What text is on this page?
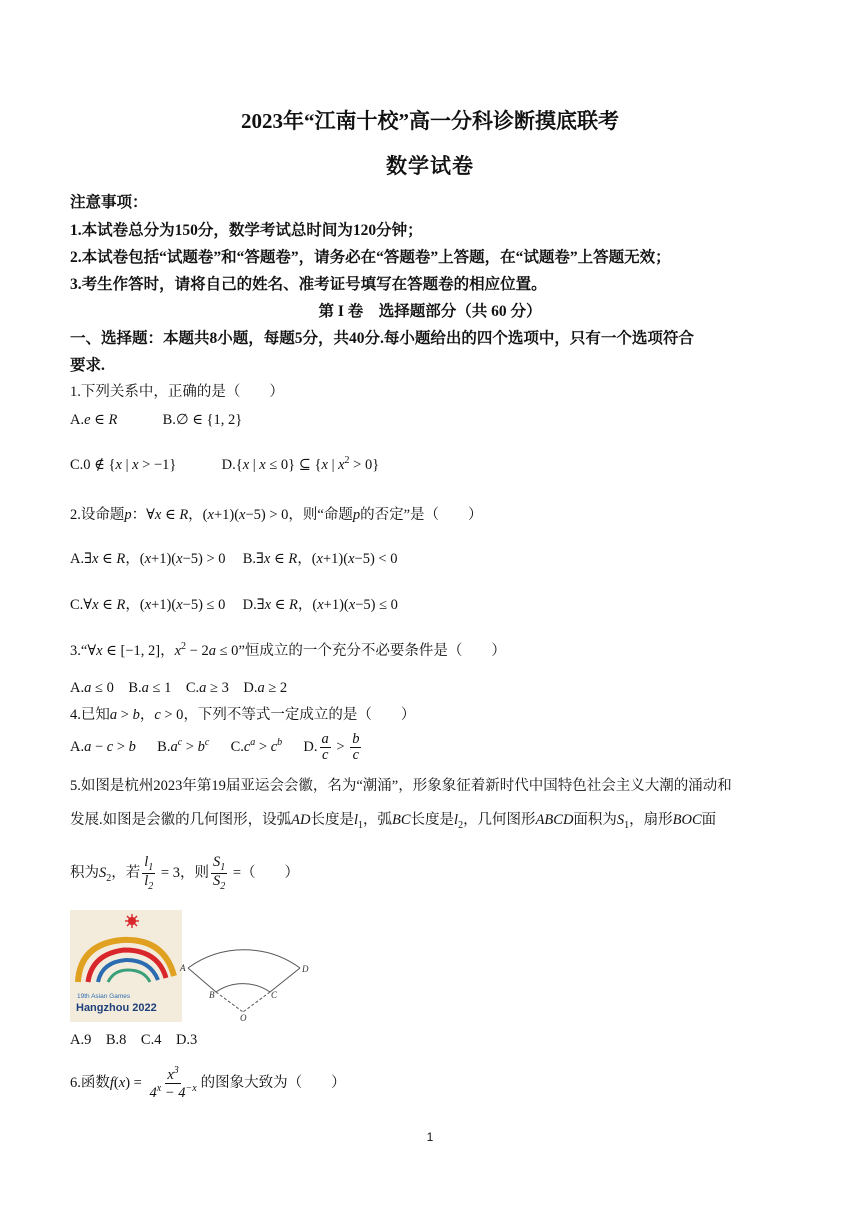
2023年“江南十校”高一分科诊断摸底联考
数学试卷
注意事项：
1.本试卷总分为150分，数学考试总时间为120分钟；
2.本试卷包括“试题卷”和“答题卷”，请务必在“答题卷”上答题，在“试题卷”上答题无效；
3.考生作答时，请将自己的姓名、准考证号填写在答题卷的相应位置。
第 I 卷　选择题部分（共 60 分）
一、选择题：本题共8小题，每题5分，共40分.每小题给出的四个选项中，只有一个选项符合
要求.
1.下列关系中，正确的是（　　）
A.e ∈ R	B.∅ ∈ {1, 2}
C.0 ∉ {x | x > −1}	D.{x | x ≤ 0} ⊆ {x | $x^2 > 0$}
2.设命题p：∀x ∈ R，(x+1)(x−5) > 0，则“命题p的否定”是（　　）
A.∃x ∈ R，(x+1)(x−5) > 0  B.∃x ∈ R，(x+1)(x−5) < 0
C.∀x ∈ R，(x+1)(x−5) ≤ 0  D.∃x ∈ R，(x+1)(x−5) ≤ 0
3.“∀x ∈ [−1, 2]，$x^2 - 2a \le 0$”恒成立的一个充分不必要条件是（　　）
A.a ≤ 0　B.a ≤ 1　C.a ≥ 3　D.a ≥ 2
4.已知a > b，c > 0，下列不等式一定成立的是（　　）
A.a − c > b  $B.a^c > b^c$  $C.c^a > c^b$  D. $\frac{a}{c} > \frac{b}{c}$
5.如图是杭州2023年第19届亚运会会徽，名为“潮涌”，形象象征着新时代中国特色社会主义大潮的涌动和
发展.如图是会徽的几何图形，设弧AD长度是$l_1$，弧BC长度是$l_2$，几何图形ABCD面积为$S_1$，扇形BOC面
积为$S_2$，若 $\frac{l_1}{l_2} = 3$，则 $\frac{S_1}{S_2}$ =（　　）
19th Asian Games
Hangzhou 2022
A	D
B	C
O
A.9　B.8　C.4　D.3
6.函数$f(x) = \frac{x^3}{4^x - 4^{-x}}$ 的图象大致为（　　）
1
